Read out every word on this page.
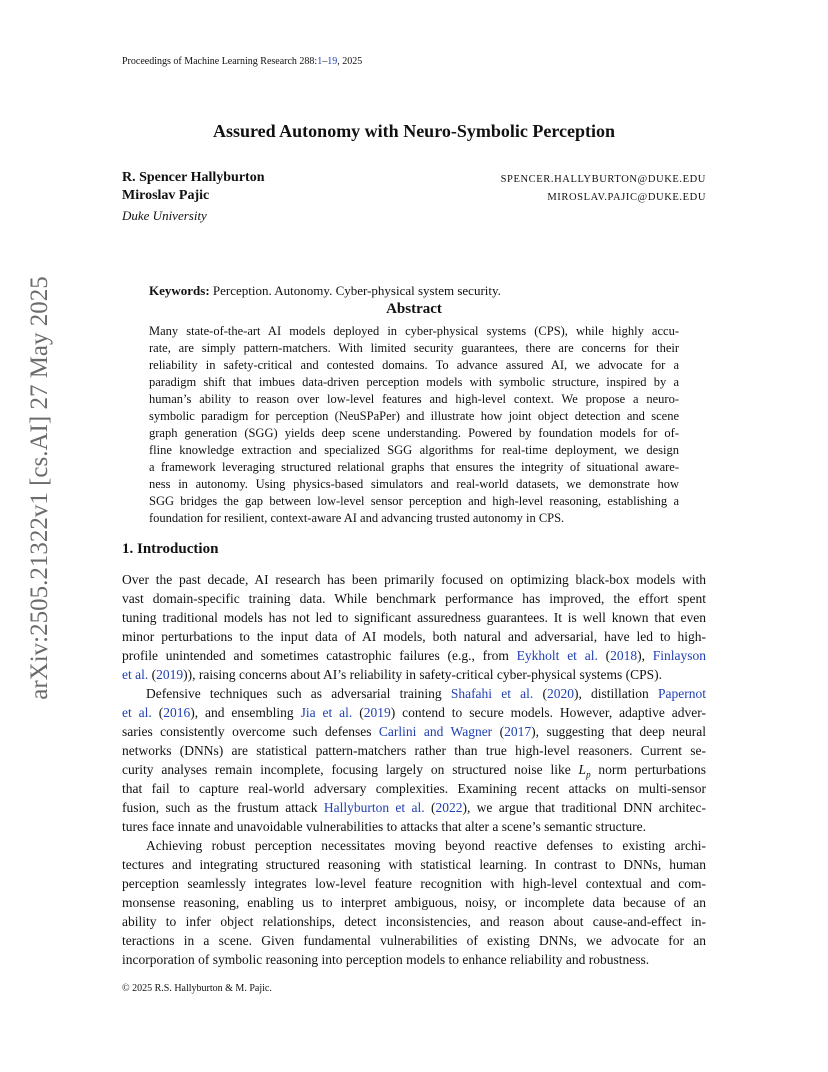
Proceedings of Machine Learning Research 288:1–19, 2025
arXiv:2505.21322v1 [cs.AI] 27 May 2025
Assured Autonomy with Neuro-Symbolic Perception
R. Spencer Hallyburton	SPENCER.HALLYBURTON@DUKE.EDU
Miroslav Pajic	MIROSLAV.PAJIC@DUKE.EDU
Duke University
Keywords: Perception. Autonomy. Cyber-physical system security.
Abstract
Many state-of-the-art AI models deployed in cyber-physical systems (CPS), while highly accu-
rate, are simply pattern-matchers. With limited security guarantees, there are concerns for their
reliability in safety-critical and contested domains. To advance assured AI, we advocate for a
paradigm shift that imbues data-driven perception models with symbolic structure, inspired by a
human’s ability to reason over low-level features and high-level context. We propose a neuro-
symbolic paradigm for perception (NeuSPaPer) and illustrate how joint object detection and scene
graph generation (SGG) yields deep scene understanding. Powered by foundation models for of-
fline knowledge extraction and specialized SGG algorithms for real-time deployment, we design
a framework leveraging structured relational graphs that ensures the integrity of situational aware-
ness in autonomy. Using physics-based simulators and real-world datasets, we demonstrate how
SGG bridges the gap between low-level sensor perception and high-level reasoning, establishing a
foundation for resilient, context-aware AI and advancing trusted autonomy in CPS.
1. Introduction
Over the past decade, AI research has been primarily focused on optimizing black-box models with
vast domain-specific training data. While benchmark performance has improved, the effort spent
tuning traditional models has not led to significant assuredness guarantees. It is well known that even
minor perturbations to the input data of AI models, both natural and adversarial, have led to high-
profile unintended and sometimes catastrophic failures (e.g., from Eykholt et al. (2018), Finlayson
et al. (2019)), raising concerns about AI’s reliability in safety-critical cyber-physical systems (CPS).
Defensive techniques such as adversarial training Shafahi et al. (2020), distillation Papernot
et al. (2016), and ensembling Jia et al. (2019) contend to secure models. However, adaptive adver-
saries consistently overcome such defenses Carlini and Wagner (2017), suggesting that deep neural
networks (DNNs) are statistical pattern-matchers rather than true high-level reasoners. Current se-
curity analyses remain incomplete, focusing largely on structured noise like $L_p$ norm perturbations
that fail to capture real-world adversary complexities. Examining recent attacks on multi-sensor
fusion, such as the frustum attack Hallyburton et al. (2022), we argue that traditional DNN architec-
tures face innate and unavoidable vulnerabilities to attacks that alter a scene’s semantic structure.
Achieving robust perception necessitates moving beyond reactive defenses to existing archi-
tectures and integrating structured reasoning with statistical learning. In contrast to DNNs, human
perception seamlessly integrates low-level feature recognition with high-level contextual and com-
monsense reasoning, enabling us to interpret ambiguous, noisy, or incomplete data because of an
ability to infer object relationships, detect inconsistencies, and reason about cause-and-effect in-
teractions in a scene. Given fundamental vulnerabilities of existing DNNs, we advocate for an
incorporation of symbolic reasoning into perception models to enhance reliability and robustness.
© 2025 R.S. Hallyburton & M. Pajic.
